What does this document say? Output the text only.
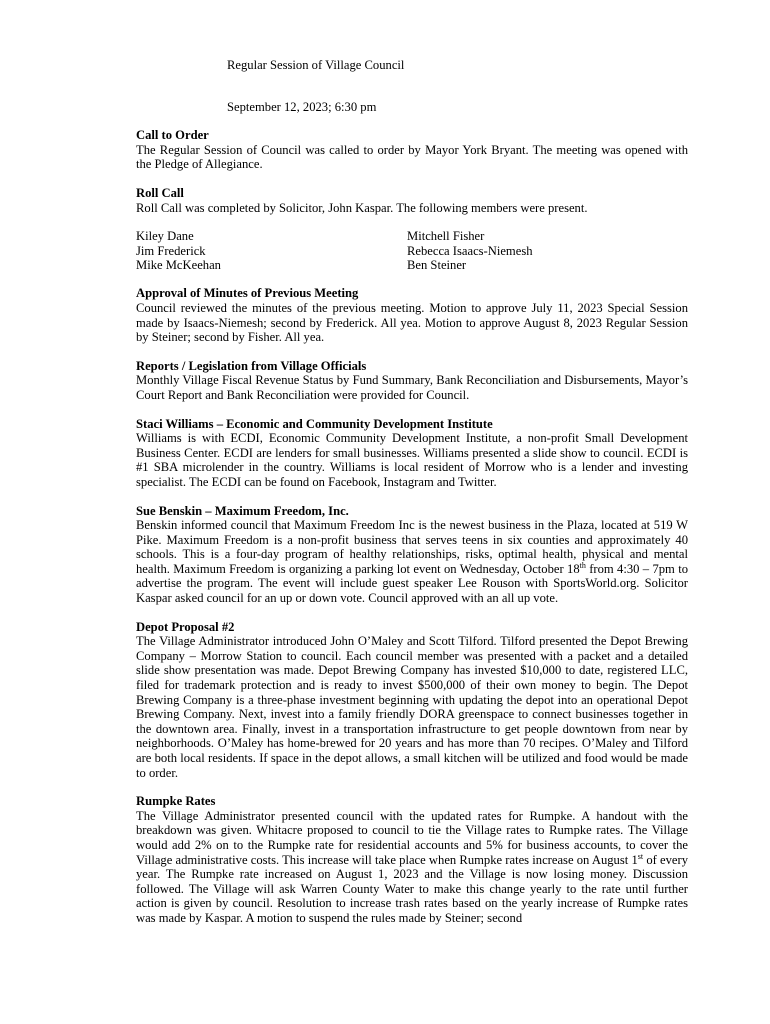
Regular Session of Village Council
September 12, 2023; 6:30 pm
Call to Order

The Regular Session of Council was called to order by Mayor York Bryant. The meeting was opened with the Pledge of Allegiance.

Roll Call

Roll Call was completed by Solicitor, John Kaspar. The following members were present.

Kiley Dane	Mitchell Fisher
Jim Frederick	Rebecca Isaacs-Niemesh
Mike McKeehan	Ben Steiner
Approval of Minutes of Previous Meeting

Council reviewed the minutes of the previous meeting. Motion to approve July 11, 2023 Special Session made by Isaacs-Niemesh; second by Frederick. All yea. Motion to approve August 8, 2023 Regular Session by Steiner; second by Fisher. All yea.

Reports / Legislation from Village Officials

Monthly Village Fiscal Revenue Status by Fund Summary, Bank Reconciliation and Disbursements, Mayor’s Court Report and Bank Reconciliation were provided for Council.

Staci Williams – Economic and Community Development Institute

Williams is with ECDI, Economic Community Development Institute, a non-profit Small Development Business Center. ECDI are lenders for small businesses. Williams presented a slide show to council. ECDI is #1 SBA microlender in the country. Williams is local resident of Morrow who is a lender and investing specialist. The ECDI can be found on Facebook, Instagram and Twitter.

Sue Benskin – Maximum Freedom, Inc.

Benskin informed council that Maximum Freedom Inc is the newest business in the Plaza, located at 519 W Pike. Maximum Freedom is a non-profit business that serves teens in six counties and approximately 40 schools. This is a four-day program of healthy relationships, risks, optimal health, physical and mental health. Maximum Freedom is organizing a parking lot event on Wednesday, October 18th from 4:30 – 7pm to advertise the program. The event will include guest speaker Lee Rouson with SportsWorld.org. Solicitor Kaspar asked council for an up or down vote. Council approved with an all up vote.

Depot Proposal #2

The Village Administrator introduced John O’Maley and Scott Tilford. Tilford presented the Depot Brewing Company – Morrow Station to council. Each council member was presented with a packet and a detailed slide show presentation was made. Depot Brewing Company has invested $10,000 to date, registered LLC, filed for trademark protection and is ready to invest $500,000 of their own money to begin. The Depot Brewing Company is a three-phase investment beginning with updating the depot into an operational Depot Brewing Company. Next, invest into a family friendly DORA greenspace to connect businesses together in the downtown area. Finally, invest in a transportation infrastructure to get people downtown from near by neighborhoods. O’Maley has home-brewed for 20 years and has more than 70 recipes. O’Maley and Tilford are both local residents. If space in the depot allows, a small kitchen will be utilized and food would be made to order.

Rumpke Rates

The Village Administrator presented council with the updated rates for Rumpke. A handout with the breakdown was given. Whitacre proposed to council to tie the Village rates to Rumpke rates. The Village would add 2% on to the Rumpke rate for residential accounts and 5% for business accounts, to cover the Village administrative costs. This increase will take place when Rumpke rates increase on August 1st of every year. The Rumpke rate increased on August 1, 2023 and the Village is now losing money. Discussion followed. The Village will ask Warren County Water to make this change yearly to the rate until further action is given by council. Resolution to increase trash rates based on the yearly increase of Rumpke rates was made by Kaspar. A motion to suspend the rules made by Steiner; second
